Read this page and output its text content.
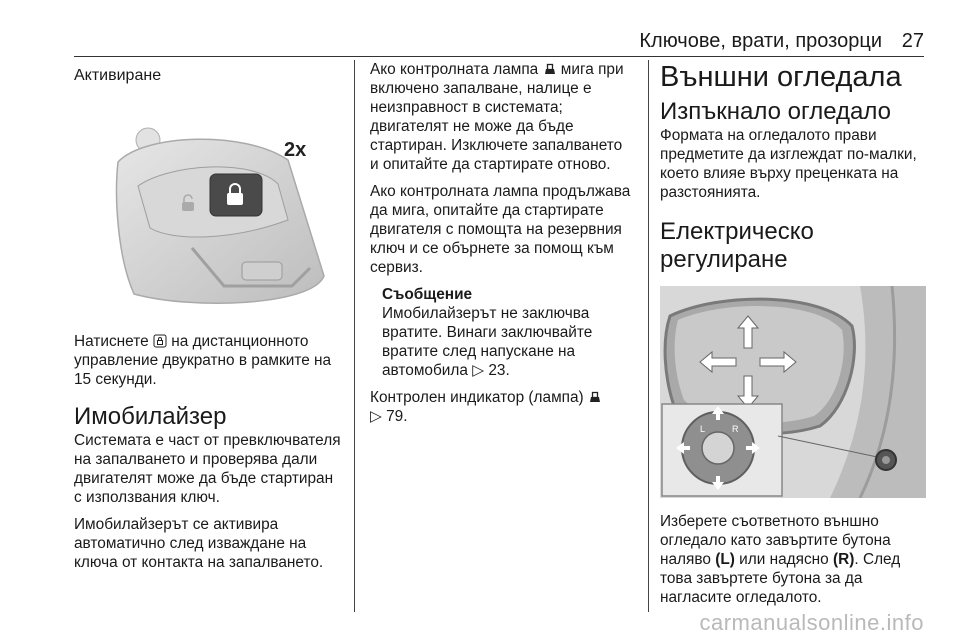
Ключове, врати, прозорци 27
Активиране
2x

Натиснете на дистанционното управление двукратно в рамките на 15 секунди.

Имобилайзер

Системата е част от превключвателя на запалването и проверява дали двигателят може да бъде стартиран с използвания ключ.

Имобилайзерът се активира автоматично след изваждане на ключа от контакта на запалването.

Ако контролната лампа мига при включено запалване, налице е неизправност в системата; двигателят не може да бъде стартиран. Изключете запалването и опитайте да стартирате отново.

Ако контролната лампа продължава да мига, опитайте да стартирате двигателя с помощта на резервния ключ и се обърнете за помощ към сервиз.

Съобщение

Имобилайзерът не заключва вратите. Винаги заключвайте вратите след напускане на автомобила ▷ 23.

Контролен индикатор (лампа)
▷ 79.

Външни огледала
Изпъкнало огледало

Формата на огледалото прави предметите да изглеждат по-малки, което влияе върху преценката на разстоянията.

Електрическо регулиране
L	R

Изберете съответното външно огледало като завъртите бутона наляво (L) или надясно (R). След това завъртете бутона за да нагласите огледалото.

carmanualsonline.info
